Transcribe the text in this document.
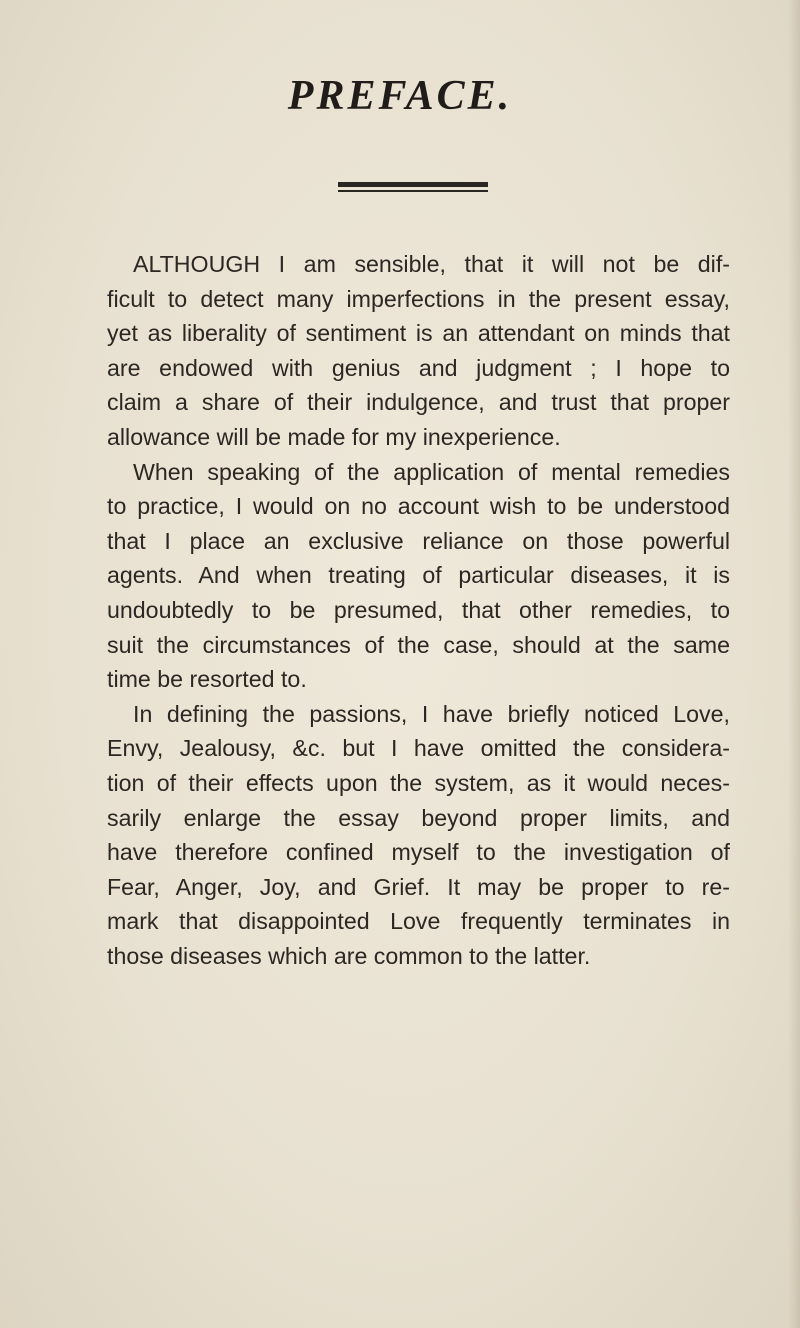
PREFACE.
ALTHOUGH I am sensible, that it will not be dif-
ficult to detect many imperfections in the present essay,
yet as liberality of sentiment is an attendant on minds that
are endowed with genius and judgment ; I hope to
claim a share of their indulgence, and trust that proper
allowance will be made for my inexperience.
When speaking of the application of mental remedies
to practice, I would on no account wish to be understood
that I place an exclusive reliance on those powerful
agents. And when treating of particular diseases, it is
undoubtedly to be presumed, that other remedies, to
suit the circumstances of the case, should at the same
time be resorted to.
In defining the passions, I have briefly noticed Love,
Envy, Jealousy, &c. but I have omitted the considera-
tion of their effects upon the system, as it would neces-
sarily enlarge the essay beyond proper limits, and
have therefore confined myself to the investigation of
Fear, Anger, Joy, and Grief. It may be proper to re-
mark that disappointed Love frequently terminates in
those diseases which are common to the latter.
